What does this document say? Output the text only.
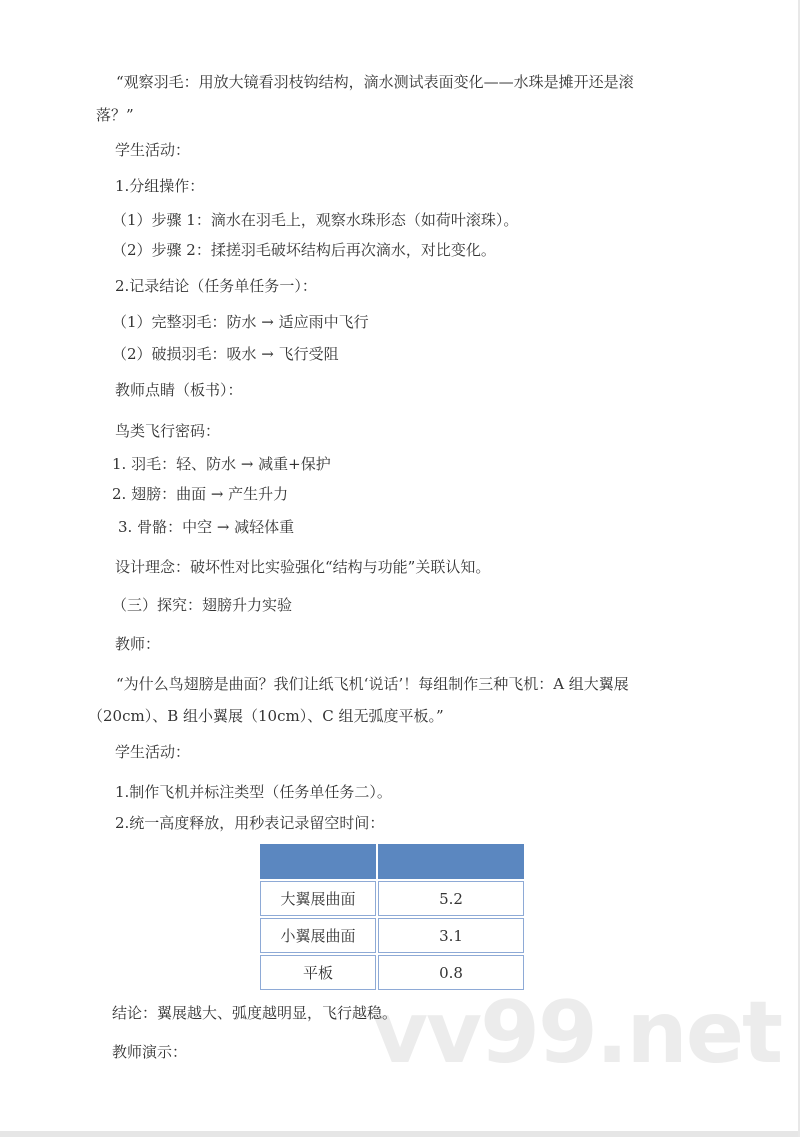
“观察羽毛：用放大镜看羽枝钩结构，滴水测试表面变化——水珠是摊开还是滚
落？”
学生活动：
1.分组操作：
（1）步骤 1：滴水在羽毛上，观察水珠形态（如荷叶滚珠）。
（2）步骤 2：揉搓羽毛破坏结构后再次滴水，对比变化。
2.记录结论（任务单任务一）：
（1）完整羽毛：防水 → 适应雨中飞行
（2）破损羽毛：吸水 → 飞行受阻
教师点睛（板书）：
鸟类飞行密码：
1. 羽毛：轻、防水 → 减重+保护
2. 翅膀：曲面 → 产生升力
3. 骨骼：中空 → 减轻体重
设计理念：破坏性对比实验强化“结构与功能”关联认知。
（三）探究：翅膀升力实验
教师：
“为什么鸟翅膀是曲面？我们让纸飞机‘说话’！每组制作三种飞机：A 组大翼展
（20cm）、B 组小翼展（10cm）、C 组无弧度平板。”
学生活动：
1.制作飞机并标注类型（任务单任务二）。
2.统一高度释放，用秒表记录留空时间：

大翼展曲面	5.2
小翼展曲面	3.1
平板	0.8
vv99.net
结论：翼展越大、弧度越明显，飞行越稳。
教师演示：
